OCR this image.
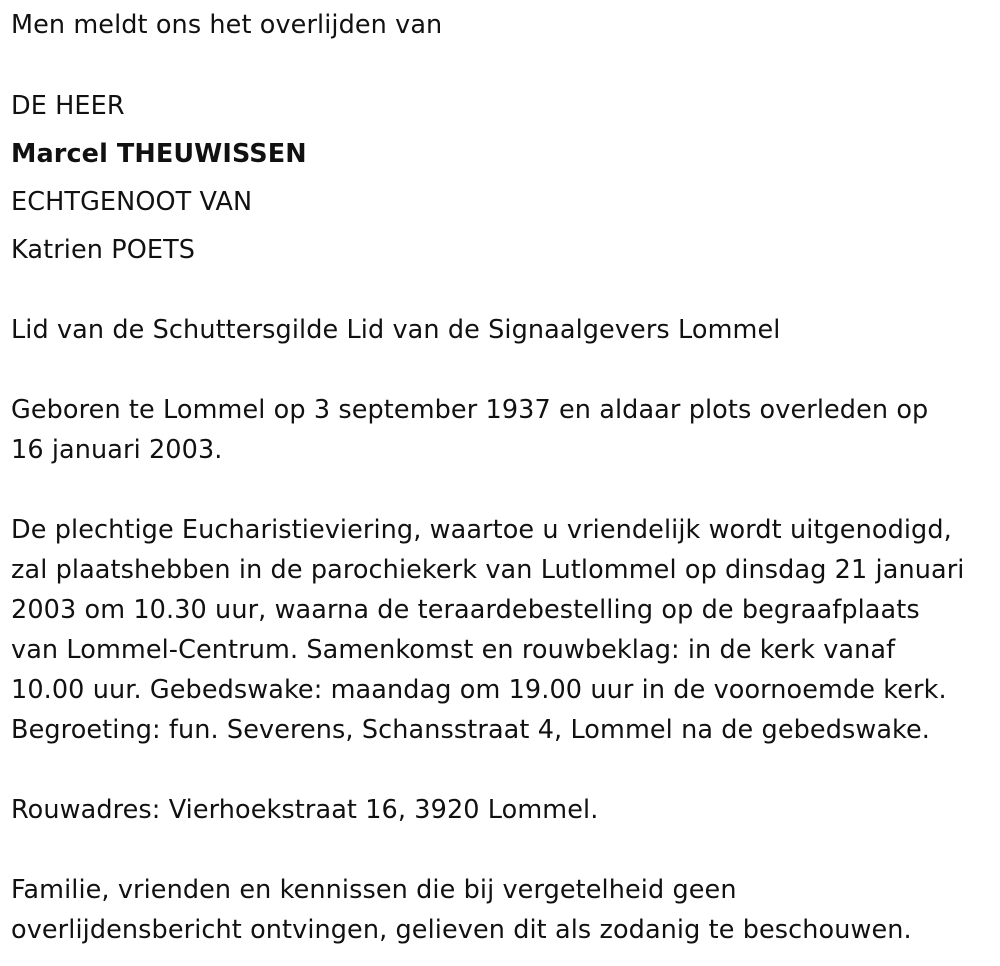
Men meldt ons het overlijden van
DE HEER
Marcel THEUWISSEN
ECHTGENOOT VAN
Katrien POETS
Lid van de Schuttersgilde Lid van de Signaalgevers Lommel
Geboren te Lommel op 3 september 1937 en aldaar plots overleden op
16 januari 2003.
De plechtige Eucharistieviering, waartoe u vriendelijk wordt uitgenodigd,
zal plaatshebben in de parochiekerk van Lutlommel op dinsdag 21 januari
2003 om 10.30 uur, waarna de teraardebestelling op de begraafplaats
van Lommel-Centrum. Samenkomst en rouwbeklag: in de kerk vanaf
10.00 uur. Gebedswake: maandag om 19.00 uur in de voornoemde kerk.
Begroeting: fun. Severens, Schansstraat 4, Lommel na de gebedswake.
Rouwadres: Vierhoekstraat 16, 3920 Lommel.
Familie, vrienden en kennissen die bij vergetelheid geen
overlijdensbericht ontvingen, gelieven dit als zodanig te beschouwen.
